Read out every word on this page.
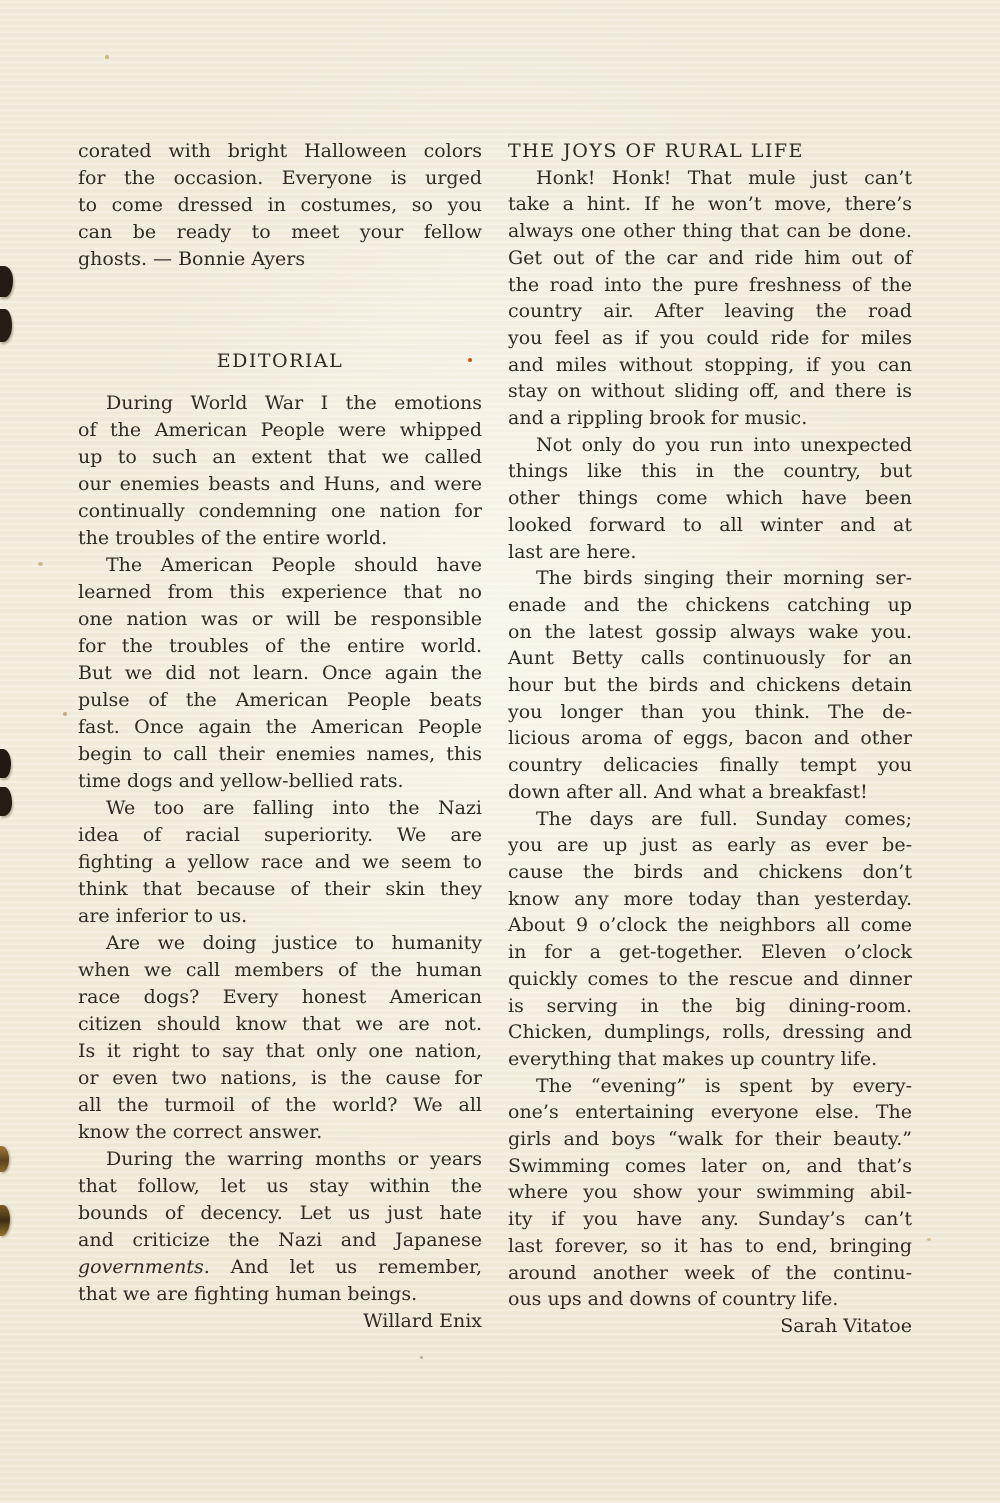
corated with bright Halloween colors
for the occasion. Everyone is urged
to come dressed in costumes, so you
can be ready to meet your fellow
ghosts. — Bonnie Ayers
EDITORIAL
During World War I the emotions
of the American People were whipped
up to such an extent that we called
our enemies beasts and Huns, and were
continually condemning one nation for
the troubles of the entire world.
The American People should have
learned from this experience that no
one nation was or will be responsible
for the troubles of the entire world.
But we did not learn. Once again the
pulse of the American People beats
fast. Once again the American People
begin to call their enemies names, this
time dogs and yellow-bellied rats.
We too are falling into the Nazi
idea of racial superiority. We are
fighting a yellow race and we seem to
think that because of their skin they
are inferior to us.
Are we doing justice to humanity
when we call members of the human
race dogs? Every honest American
citizen should know that we are not.
Is it right to say that only one nation,
or even two nations, is the cause for
all the turmoil of the world? We all
know the correct answer.
During the warring months or years
that follow, let us stay within the
bounds of decency. Let us just hate
and criticize the Nazi and Japanese
governments. And let us remember,
that we are fighting human beings.
Willard Enix
THE JOYS OF RURAL LIFE
Honk! Honk! That mule just can’t
take a hint. If he won’t move, there’s
always one other thing that can be done.
Get out of the car and ride him out of
the road into the pure freshness of the
country air. After leaving the road
you feel as if you could ride for miles
and miles without stopping, if you can
stay on without sliding off, and there is
and a rippling brook for music.
Not only do you run into unexpected
things like this in the country, but
other things come which have been
looked forward to all winter and at
last are here.
The birds singing their morning ser-
enade and the chickens catching up
on the latest gossip always wake you.
Aunt Betty calls continuously for an
hour but the birds and chickens detain
you longer than you think. The de-
licious aroma of eggs, bacon and other
country delicacies finally tempt you
down after all. And what a breakfast!
The days are full. Sunday comes;
you are up just as early as ever be-
cause the birds and chickens don’t
know any more today than yesterday.
About 9 o’clock the neighbors all come
in for a get-together. Eleven o’clock
quickly comes to the rescue and dinner
is serving in the big dining-room.
Chicken, dumplings, rolls, dressing and
everything that makes up country life.
The “evening” is spent by every-
one’s entertaining everyone else. The
girls and boys “walk for their beauty.”
Swimming comes later on, and that’s
where you show your swimming abil-
ity if you have any. Sunday’s can’t
last forever, so it has to end, bringing
around another week of the continu-
ous ups and downs of country life.
Sarah Vitatoe
